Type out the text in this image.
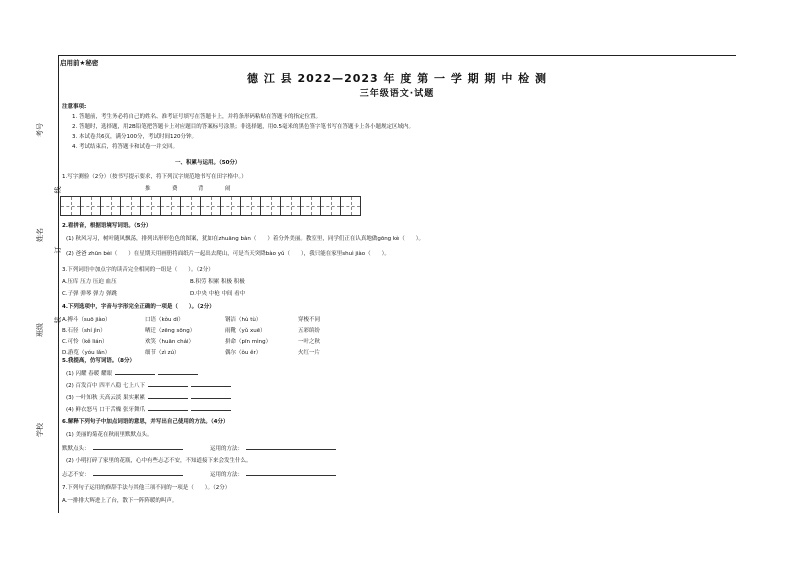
考号
姓名
班级
学校
线
订
装
启用前★秘密
德 江 县 2022—2023 年 度 第 一 学 期 期 中 检 测
三年级语文·试题
注意事项:
1. 答题前，考生务必将自己的姓名、准考证号填写在答题卡上，并将条形码粘贴在答题卡的指定位置。
2. 答题时，选择题，用2B铅笔把答题卡上对应题目的答案标号涂黑；非选择题，用0.5毫米的黑色签字笔书写在答题卡上各小题规定区域内。
3. 本试卷共6页，满分100分，考试时间120分钟。
4. 考试结束后，将答题卡和试卷一并交回。
一、积累与运用。（50分）
1.写字测验（2分）（按书写提示要求，将下列汉字规范地书写在田字格中。）
推	费	背	闹
2.看拼音，根据语境写词语。（5分）
(1) 秋风习习，树叶随风飘荡，排列出形形色色的图案，犹如在zhuāng bàn（　　）着分外美丽。教室里，同学们正在认真地做gōng kè（　　）。
(2) 爸爸 zhūn bèi（　　）在星期天用画册将面纸片一起出去爬山，可是当天突降bào yǔ（　　），我只能在家里shuì jiào（　　）。
3.下列词语中加点字的读音完全相同的一组是（　　）。（2分）
A.压库 压力 压迫 血压	B.积劳 积累 积极 积极
C.子弹 弹琴 弹力 弹跳	D.中央 中枪 中间 看中
4.下列选项中，字音与字形完全正确的一项是（　　）。（2分）
A.搏斗（suō jiào）	口语（kǒu dí）	钢洁（hù tù）	穿梭不同
B.石径（shí jìn）	晒迁（zēng sōng）	雨靴（yǔ xuē）	五彩缤纷
C.可怜（kě lián）	欢笑（huān chái）	拼命（pīn mìng）	一叶之秋
D.游览（yóu lǎn）	细节（zì zú）	偶尔（ǒu ěr）	火红一片
5.我提高，仿写词语。（8分）
(1) 闪耀 春暖 耀眼
(2) 百发百中 四平八稳 七上八下
(3) 一叶知秋 天高云淡 果实累累
(4) 鲜衣怒马 口干舌燥 张牙舞爪
6.解释下列句子中加点词语的意思，并写出自己使用的方法。（4分）
(1) 美丽的菊花在秋雨里默默点头。
默默点头：	运用的方法：
(2) 小明打碎了家里的花瓶，心中有些忐忑不安，不知道接下来会发生什么。
忐忑不安：	运用的方法：
7.下列句子运用的修辞手法与其他三项不同的一项是（　　）。（2分）
A.一排排大辉进上了台，散下一阵阵暖的叫声。
